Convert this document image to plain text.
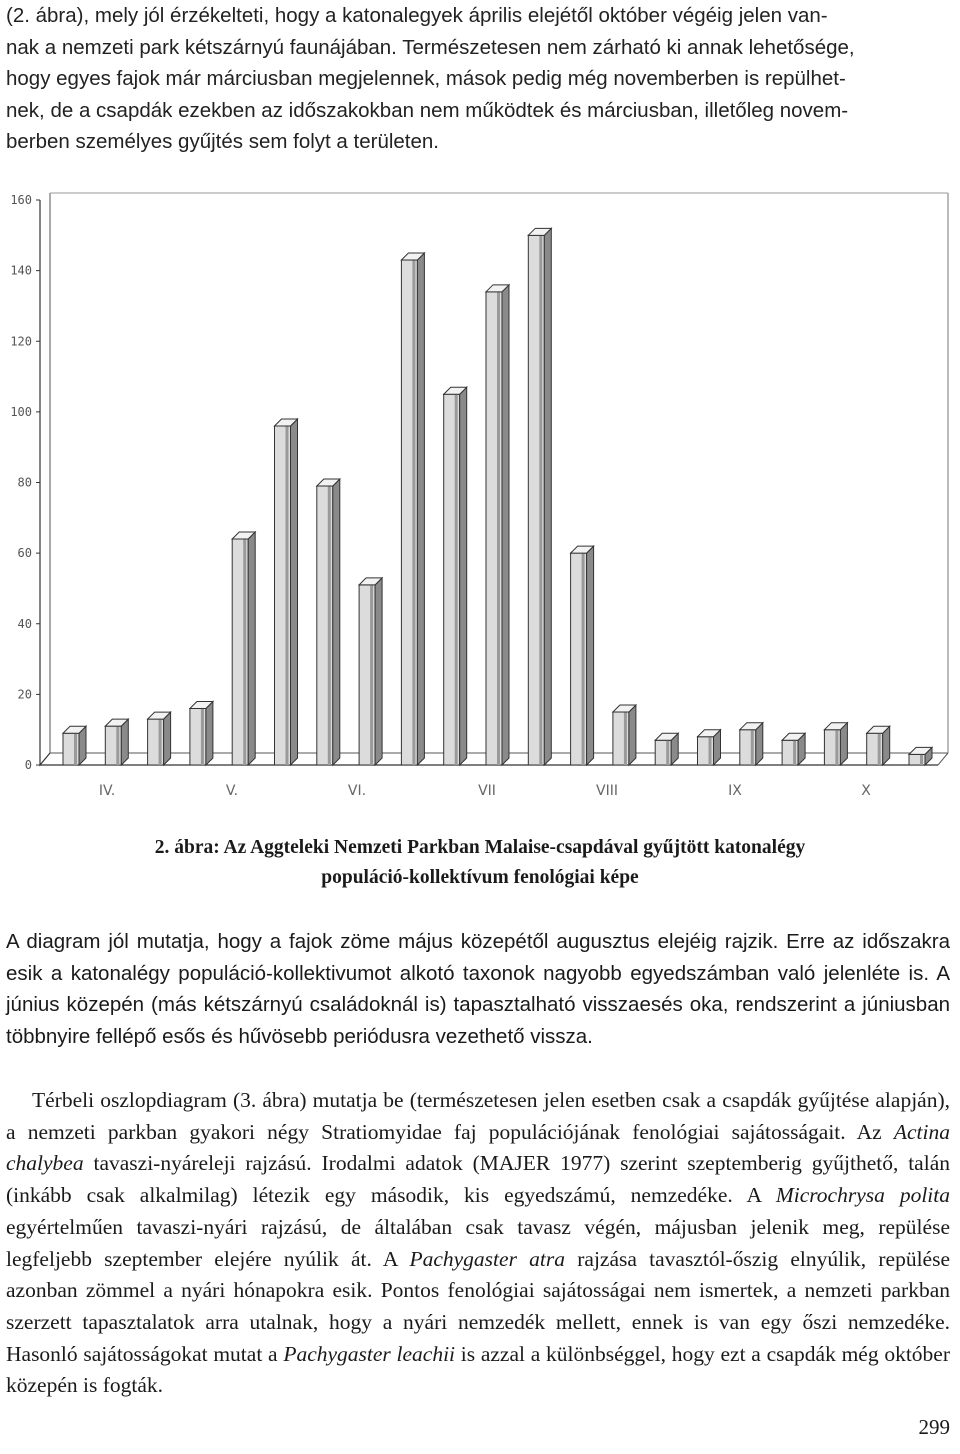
(2. ábra), mely jól érzékelteti, hogy a katonalegyek április elejétől október végéig jelen van-
nak a nemzeti park kétszárnyú faunájában. Természetesen nem zárható ki annak lehetősége,
hogy egyes fajok már márciusban megjelennek, mások pedig még novemberben is repülhet-
nek, de a csapdák ezekben az időszakokban nem működtek és márciusban, illetőleg novem-
berben személyes gyűjtés sem folyt a területen.
0
20
40
60
80
100
120
140
160
IV.	V.	VI.	VII	VIII	IX	X

2. ábra: Az Aggteleki Nemzeti Parkban Malaise-csapdával gyűjtött katonalégy

populáció-kollektívum fenológiai képe

A diagram jól mutatja, hogy a fajok zöme május közepétől augusztus elejéig rajzik. Erre az időszakra esik a katonalégy populáció-kollektivumot alkotó taxonok nagyobb egyedszámban való jelenléte is. A június közepén (más kétszárnyú családoknál is) tapasztalható visszaesés oka, rendszerint a júniusban többnyire fellépő esős és hűvösebb periódusra vezethető vissza.

Térbeli oszlopdiagram (3. ábra) mutatja be (természetesen jelen esetben csak a csapdák gyűjtése alapján), a nemzeti parkban gyakori négy Stratiomyidae faj populációjának fenológiai sajátosságait. Az Actina chalybea tavaszi-nyáreleji rajzású. Irodalmi adatok (MAJER 1977) szerint szeptemberig gyűjthető, talán (inkább csak alkalmilag) létezik egy második, kis egyedszámú, nemzedéke. A Microchrysa polita egyértelműen tavaszi-nyári rajzású, de általában csak tavasz végén, májusban jelenik meg, repülése legfeljebb szeptember elejére nyúlik át. A Pachygaster atra rajzása tavasztól-őszig elnyúlik, repülése azonban zömmel a nyári hónapokra esik. Pontos fenológiai sajátosságai nem ismertek, a nemzeti parkban szerzett tapasztalatok arra utalnak, hogy a nyári nemzedék mellett, ennek is van egy őszi nemzedéke. Hasonló sajátosságokat mutat a Pachygaster leachii is azzal a különbséggel, hogy ezt a csapdák még október közepén is fogták.

299
